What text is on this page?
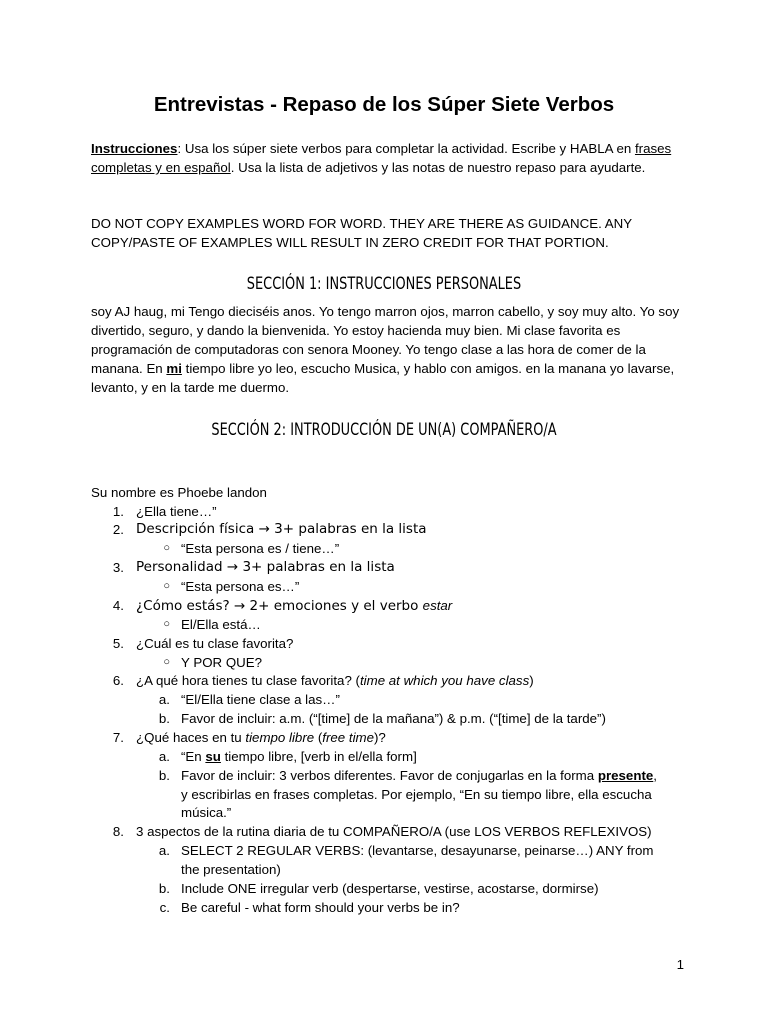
Entrevistas - Repaso de los Súper Siete Verbos

Instrucciones: Usa los súper siete verbos para completar la actividad. Escribe y HABLA en frases completas y en español. Usa la lista de adjetivos y las notas de nuestro repaso para ayudarte.

DO NOT COPY EXAMPLES WORD FOR WORD. THEY ARE THERE AS GUIDANCE. ANY COPY/PASTE OF EXAMPLES WILL RESULT IN ZERO CREDIT FOR THAT PORTION.

SECCIÓN 1: INSTRUCCIONES PERSONALES

soy AJ haug, mi Tengo dieciséis anos. Yo tengo marron ojos, marron cabello, y soy muy alto. Yo soy divertido, seguro, y dando la bienvenida. Yo estoy hacienda muy bien. Mi clase favorita es programación de computadoras con senora Mooney. Yo tengo clase a las hora de comer de la manana. En mi tiempo libre yo leo, escucho Musica, y hablo con amigos. en la manana yo lavarse, levanto, y en la tarde me duermo.

SECCIÓN 2: INTRODUCCIÓN DE UN(A) COMPAÑERO/A
Su nombre es Phoebe landon
1. ¿Ella tiene…”
2. Descripción física → 3+ palabras en la lista
○ “Esta persona es / tiene…”
3. Personalidad → 3+ palabras en la lista
○ “Esta persona es…”
4. ¿Cómo estás? → 2+ emociones y el verbo estar
○ El/Ella está…
5. ¿Cuál es tu clase favorita?
○ Y POR QUE?
6. ¿A qué hora tienes tu clase favorita? (time at which you have class)
a. “El/Ella tiene clase a las…”
b. Favor de incluir: a.m. (“[time] de la mañana”) & p.m. (“[time] de la tarde”)
7. ¿Qué haces en tu tiempo libre (free time)?
a. “En su tiempo libre, [verb in el/ella form]
b. Favor de incluir: 3 verbos diferentes. Favor de conjugarlas en la forma presente,
y escribirlas en frases completas. Por ejemplo, “En su tiempo libre, ella escucha
música.”
8. 3 aspectos de la rutina diaria de tu COMPAÑERO/A (use LOS VERBOS REFLEXIVOS)
a. SELECT 2 REGULAR VERBS: (levantarse, desayunarse, peinarse…) ANY from
the presentation)
b. Include ONE irregular verb (despertarse, vestirse, acostarse, dormirse)
c. Be careful - what form should your verbs be in?
1
